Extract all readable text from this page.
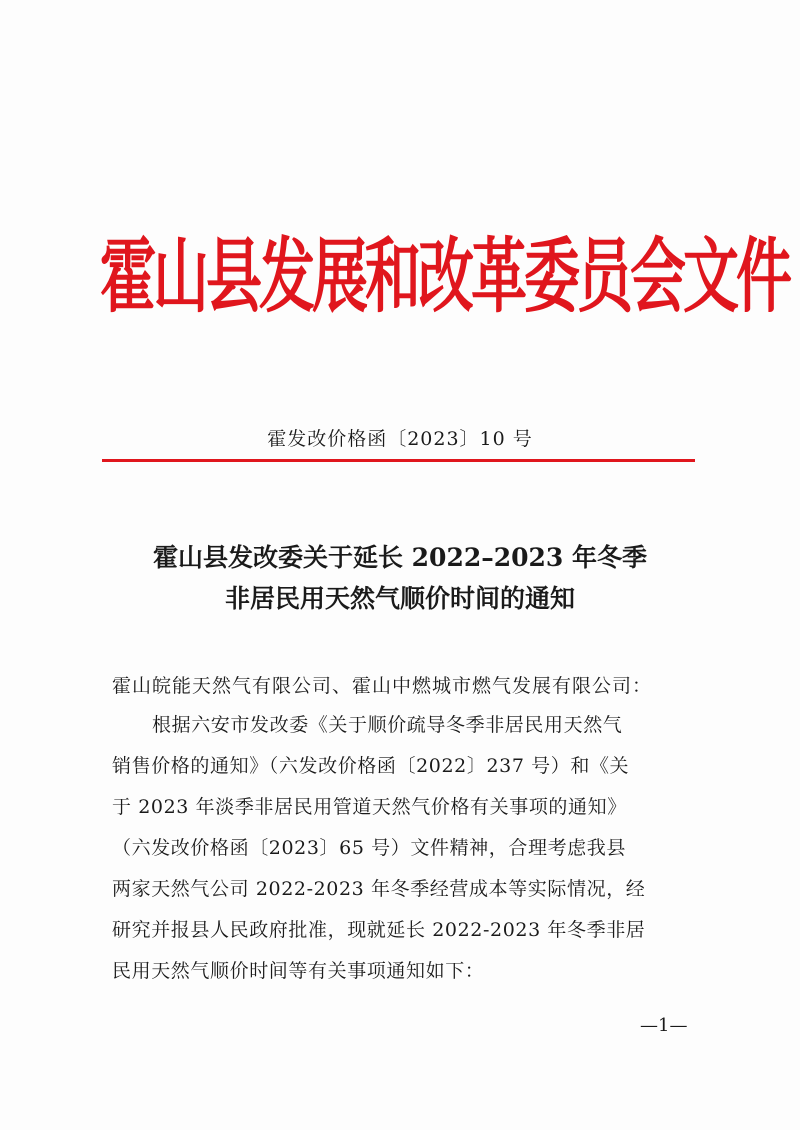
霍山县发展和改革委员会文件
霍发改价格函〔2023〕10 号
霍山县发改委关于延长 2022–2023 年冬季
非居民用天然气顺价时间的通知
霍山皖能天然气有限公司、霍山中燃城市燃气发展有限公司：
根据六安市发改委《关于顺价疏导冬季非居民用天然气
销售价格的通知》（六发改价格函〔2022〕237 号）和《关
于 2023 年淡季非居民用管道天然气价格有关事项的通知》
（六发改价格函〔2023〕65 号）文件精神，合理考虑我县
两家天然气公司 2022-2023 年冬季经营成本等实际情况，经
研究并报县人民政府批准，现就延长 2022-2023 年冬季非居
民用天然气顺价时间等有关事项通知如下：
—1—
